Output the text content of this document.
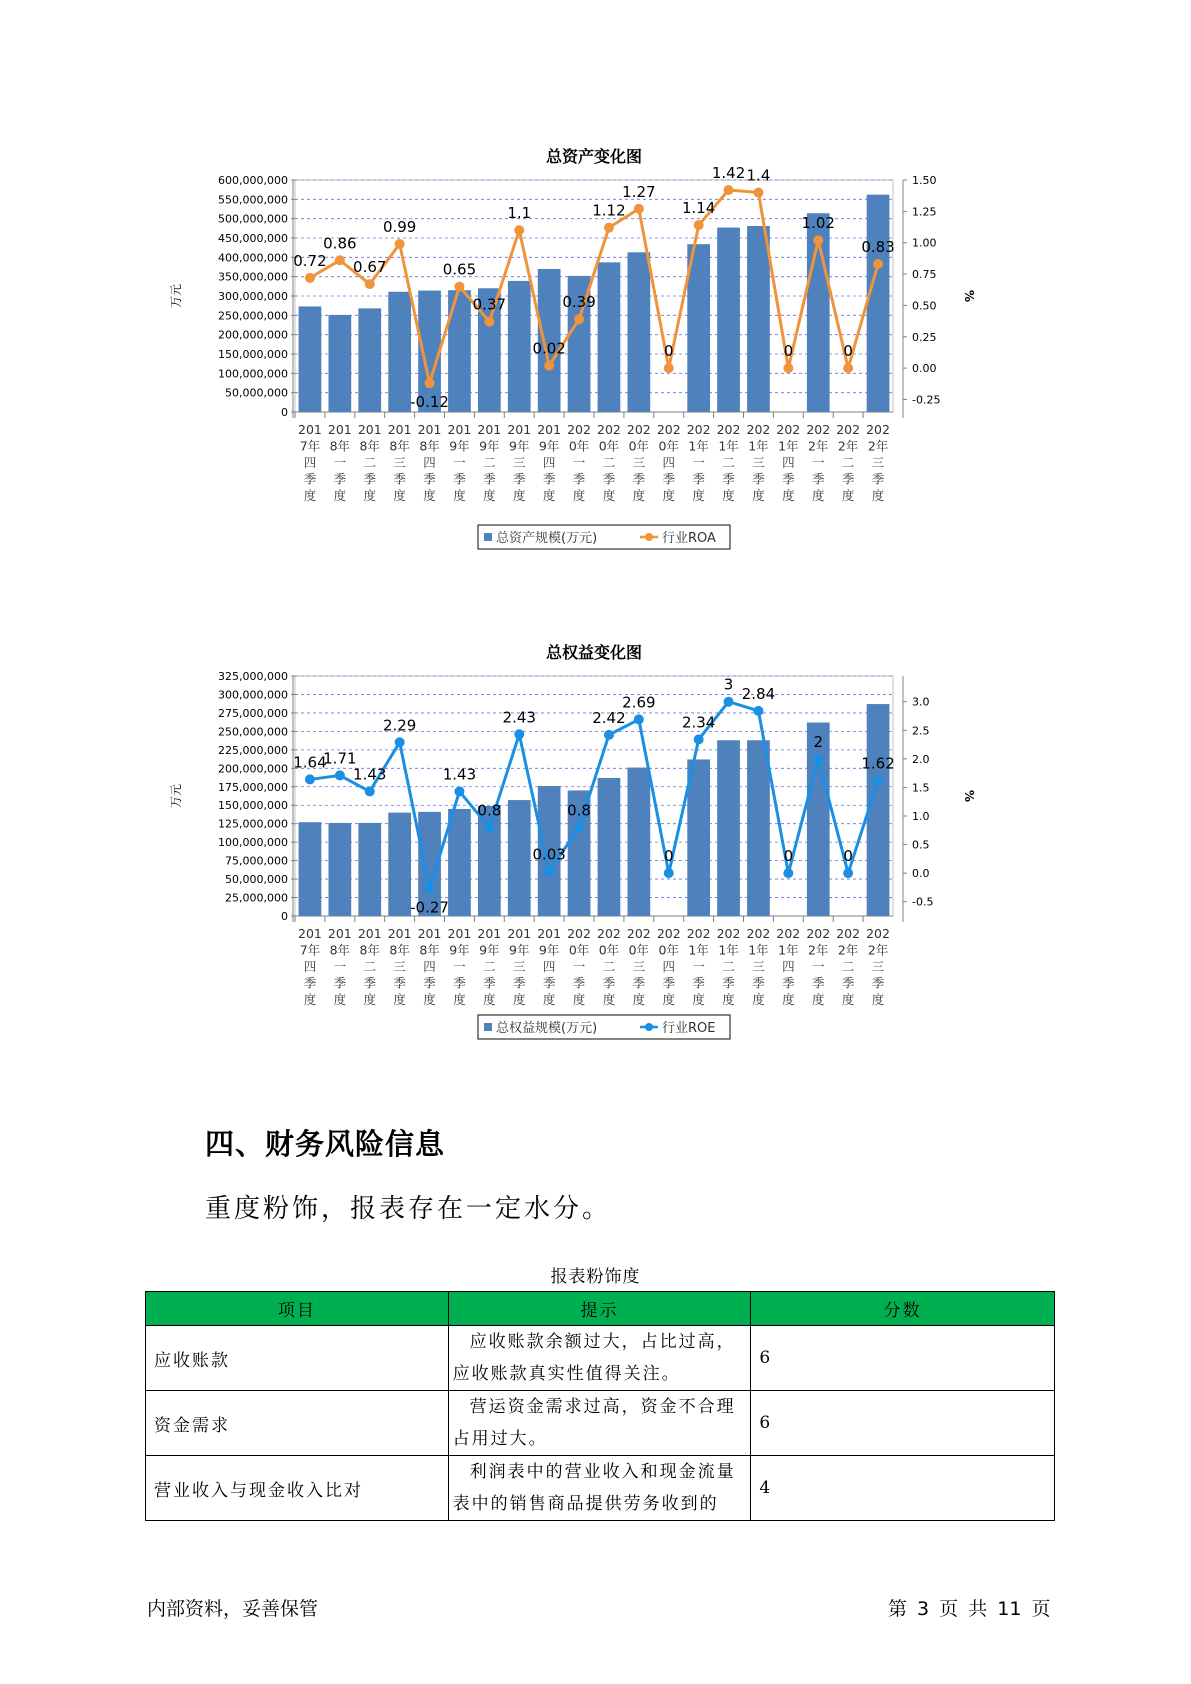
总资产变化图
0
50,000,000
100,000,000
150,000,000
200,000,000
250,000,000
300,000,000
350,000,000
400,000,000
450,000,000
500,000,000
550,000,000
600,000,000
万元
-0.25
0.00
0.25
0.50
0.75
1.00
1.25
1.50
%
201
7年
四
季
度
201
8年
一
季
度
201
8年
二
季
度
201
8年
三
季
度
201
8年
四
季
度
201
9年
一
季
度
201
9年
二
季
度
201
9年
三
季
度
201
9年
四
季
度
202
0年
一
季
度
202
0年
二
季
度
202
0年
三
季
度
202
0年
四
季
度
202
1年
一
季
度
202
1年
二
季
度
202
1年
三
季
度
202
1年
四
季
度
202
2年
一
季
度
202
2年
二
季
度
202
2年
三
季
度
0.72
0.86
0.67
0.99
-0.12
0.65
0.37
1.1
0.02
0.39
1.12
1.27
0
1.14
1.42 1.4
0
1.02
0
0.83
总资产规模(万元)	行业ROA
总权益变化图
0
25,000,000
50,000,000
75,000,000
100,000,000
125,000,000
150,000,000
175,000,000
200,000,000
225,000,000
250,000,000
275,000,000
300,000,000
325,000,000
万元
-0.5
0.0
0.5
1.0
1.5
2.0
2.5
3.0
%
201
7年
四
季
度
201
8年
一
季
度
201
8年
二
季
度
201
8年
三
季
度
201
8年
四
季
度
201
9年
一
季
度
201
9年
二
季
度
201
9年
三
季
度
201
9年
四
季
度
202
0年
一
季
度
202
0年
二
季
度
202
0年
三
季
度
202
0年
四
季
度
202
1年
一
季
度
202
1年
二
季
度
202
1年
三
季
度
202
1年
四
季
度
202
2年
一
季
度
202
2年
二
季
度
202
2年
三
季
度
1.64
1.71
1.43
2.29
-0.27
1.43
0.8
2.43
0.03
0.8
2.42
2.69
0
2.34
3
2.84
0
2
0
1.62
总权益规模(万元)	行业ROE
四、财务风险信息
重度粉饰，报表存在一定水分。
报表粉饰度
项目	提示	分数
应收账款	应收账款余额过大，占比过高，应收账款真实性值得关注。	6
资金需求	营运资金需求过高，资金不合理占用过大。	6
营业收入与现金收入比对	利润表中的营业收入和现金流量表中的销售商品提供劳务收到的	4
内部资料，妥善保管	第 3 页 共 11 页
